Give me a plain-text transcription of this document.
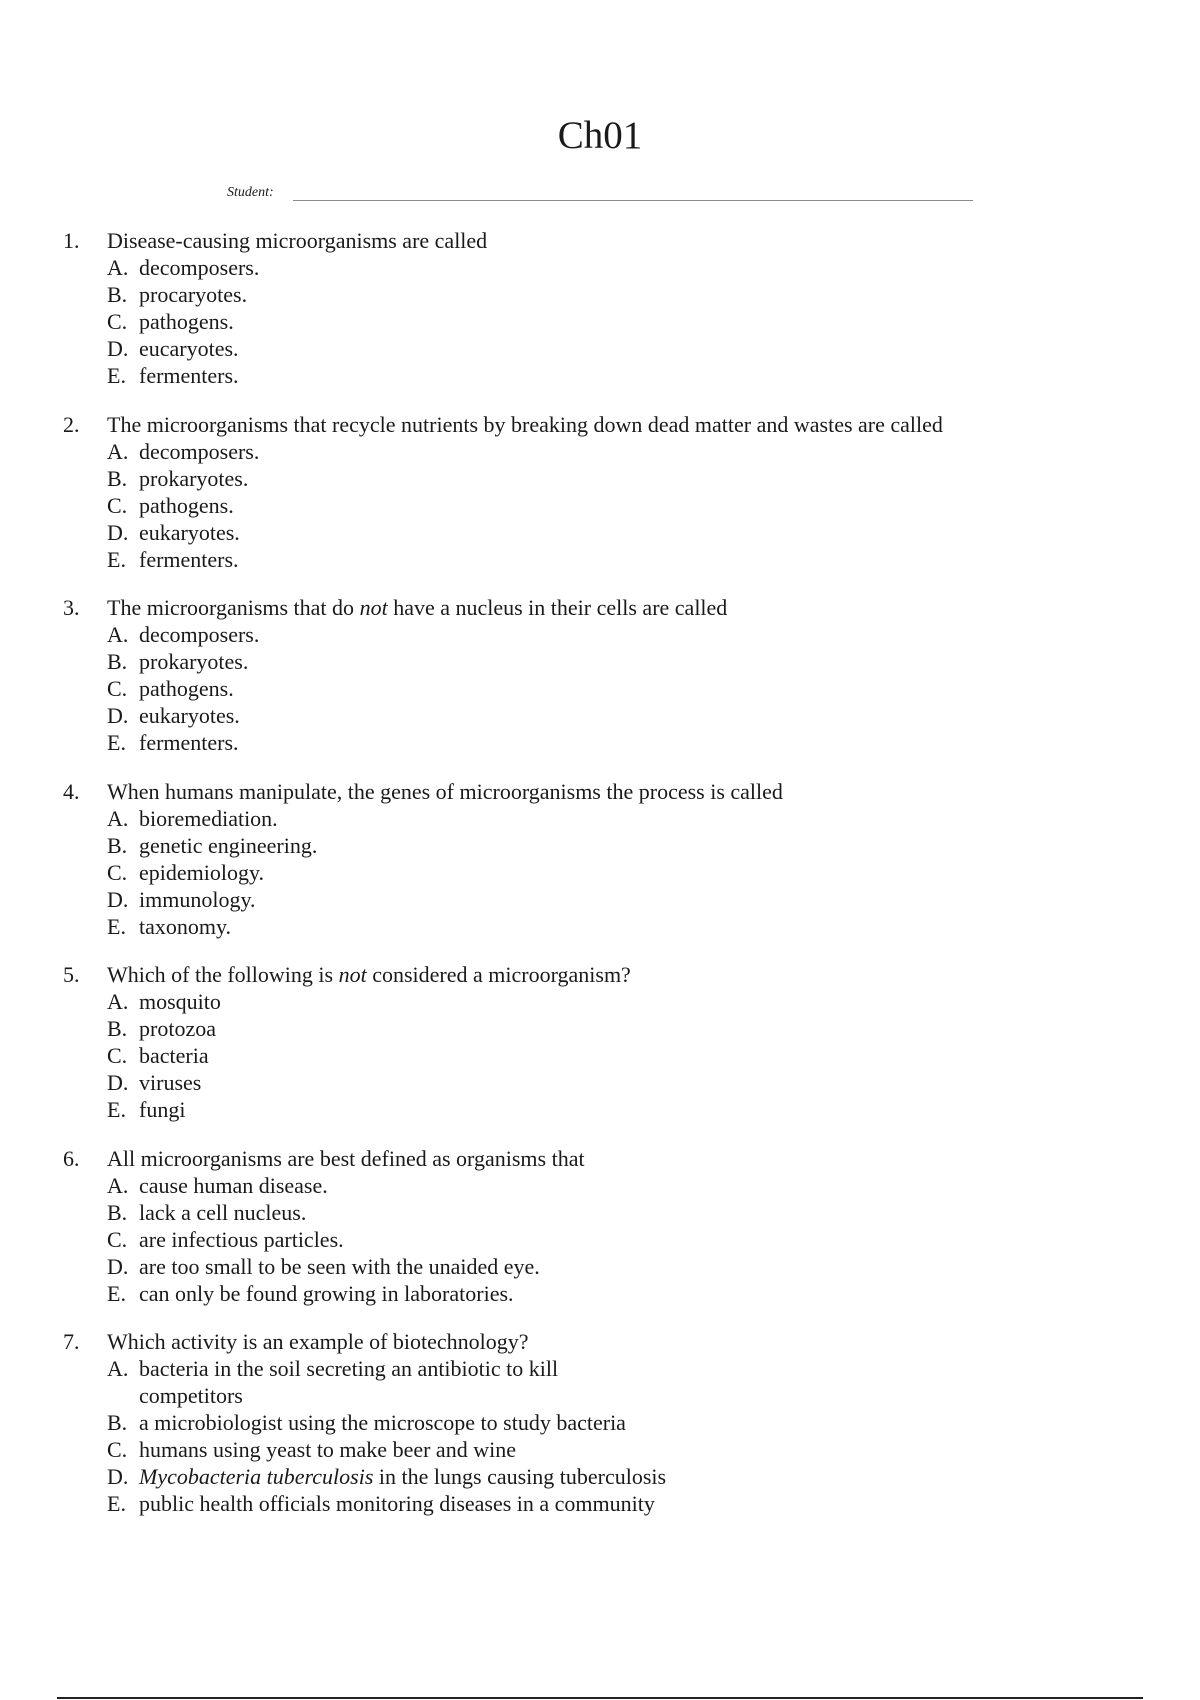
Ch01
Student:
1. Disease-causing microorganisms are called
A. decomposers.
B. procaryotes.
C. pathogens.
D. eucaryotes.
E. fermenters.
2. The microorganisms that recycle nutrients by breaking down dead matter and wastes are called
A. decomposers.
B. prokaryotes.
C. pathogens.
D. eukaryotes.
E. fermenters.
3. The microorganisms that do not have a nucleus in their cells are called
A. decomposers.
B. prokaryotes.
C. pathogens.
D. eukaryotes.
E. fermenters.
4. When humans manipulate, the genes of microorganisms the process is called
A. bioremediation.
B. genetic engineering.
C. epidemiology.
D. immunology.
E. taxonomy.
5. Which of the following is not considered a microorganism?
A. mosquito
B. protozoa
C. bacteria
D. viruses
E. fungi
6. All microorganisms are best defined as organisms that
A. cause human disease.
B. lack a cell nucleus.
C. are infectious particles.
D. are too small to be seen with the unaided eye.
E. can only be found growing in laboratories.
7. Which activity is an example of biotechnology?
A. bacteria in the soil secreting an antibiotic to kill competitors
B. a microbiologist using the microscope to study bacteria
C. humans using yeast to make beer and wine
D. Mycobacteria tuberculosis in the lungs causing tuberculosis
E. public health officials monitoring diseases in a community
